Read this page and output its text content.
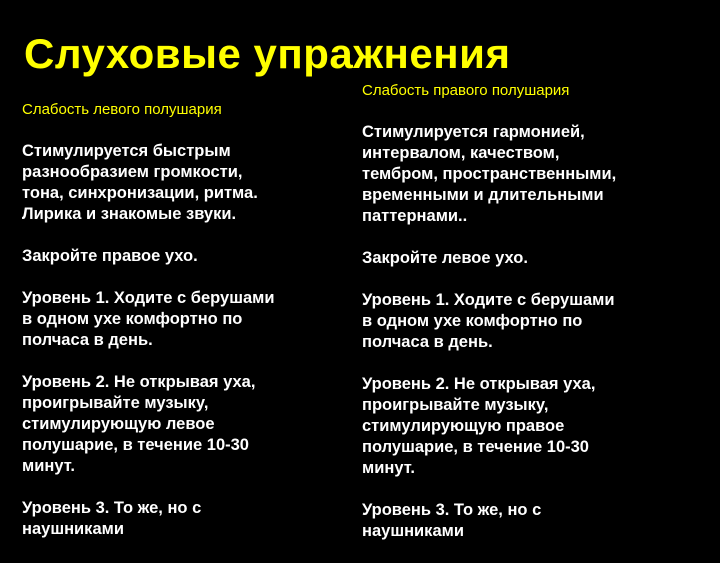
Слуховые упражнения
Слабость левого полушария
Стимулируется быстрым
разнообразием громкости,
тона, синхронизации, ритма.
Лирика и знакомые звуки.
Закройте правое ухо.
Уровень 1. Ходите с берушами
в одном ухе комфортно по
полчаса в день.
Уровень 2. Не открывая уха,
проигрывайте музыку,
стимулирующую левое
полушарие, в течение 10-30
минут.
Уровень 3. То же, но с
наушниками
Слабость правого полушария
Стимулируется гармонией,
интервалом, качеством,
тембром, пространственными,
временными и длительными
паттернами..
Закройте левое ухо.
Уровень 1. Ходите с берушами
в одном ухе комфортно по
полчаса в день.
Уровень 2. Не открывая уха,
проигрывайте музыку,
стимулирующую правое
полушарие, в течение 10-30
минут.
Уровень 3. То же, но с
наушниками
